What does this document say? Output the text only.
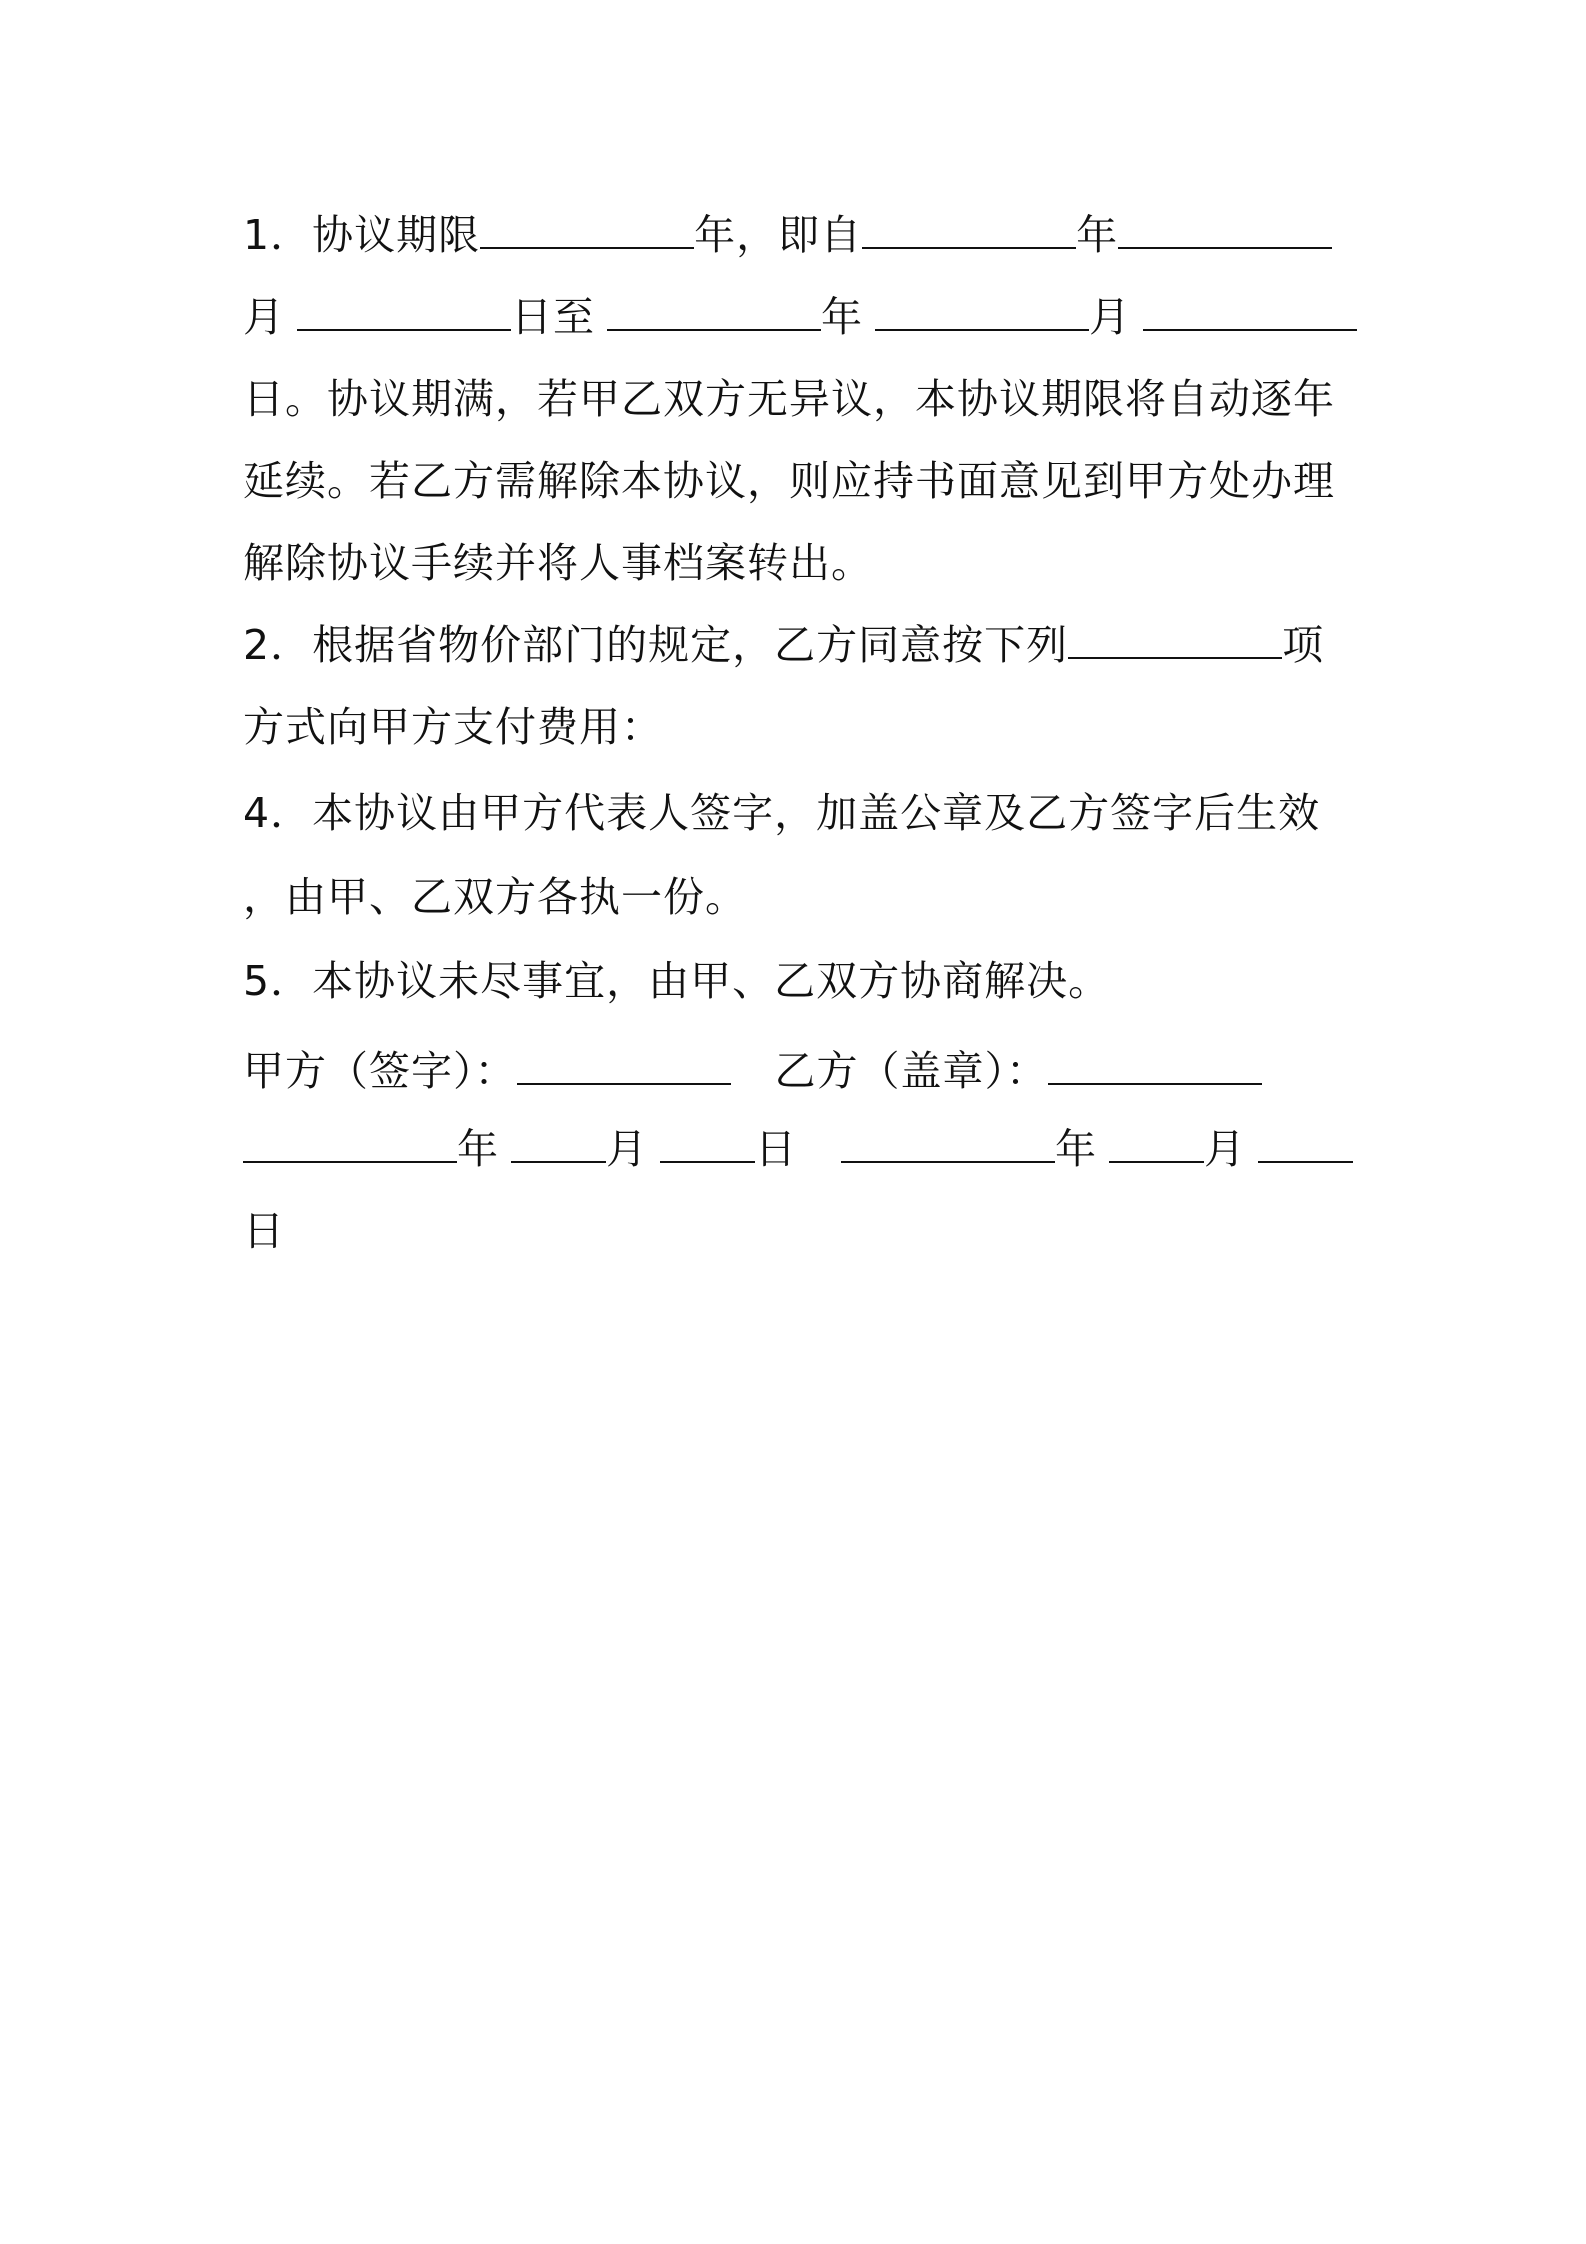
1．协议期限	年，即自	年
月	日至	年	月
日。协议期满，若甲乙双方无异议，本协议期限将自动逐年
延续。若乙方需解除本协议，则应持书面意见到甲方处办理
解除协议手续并将人事档案转出。
2．根据省物价部门的规定，乙方同意按下列	项
方式向甲方支付费用：
4．本协议由甲方代表人签字，加盖公章及乙方签字后生效
，由甲、乙双方各执一份。
5．本协议未尽事宜，由甲、乙双方协商解决。
甲方（签字）：	乙方（盖章）：
年	月	日	年	月
日
